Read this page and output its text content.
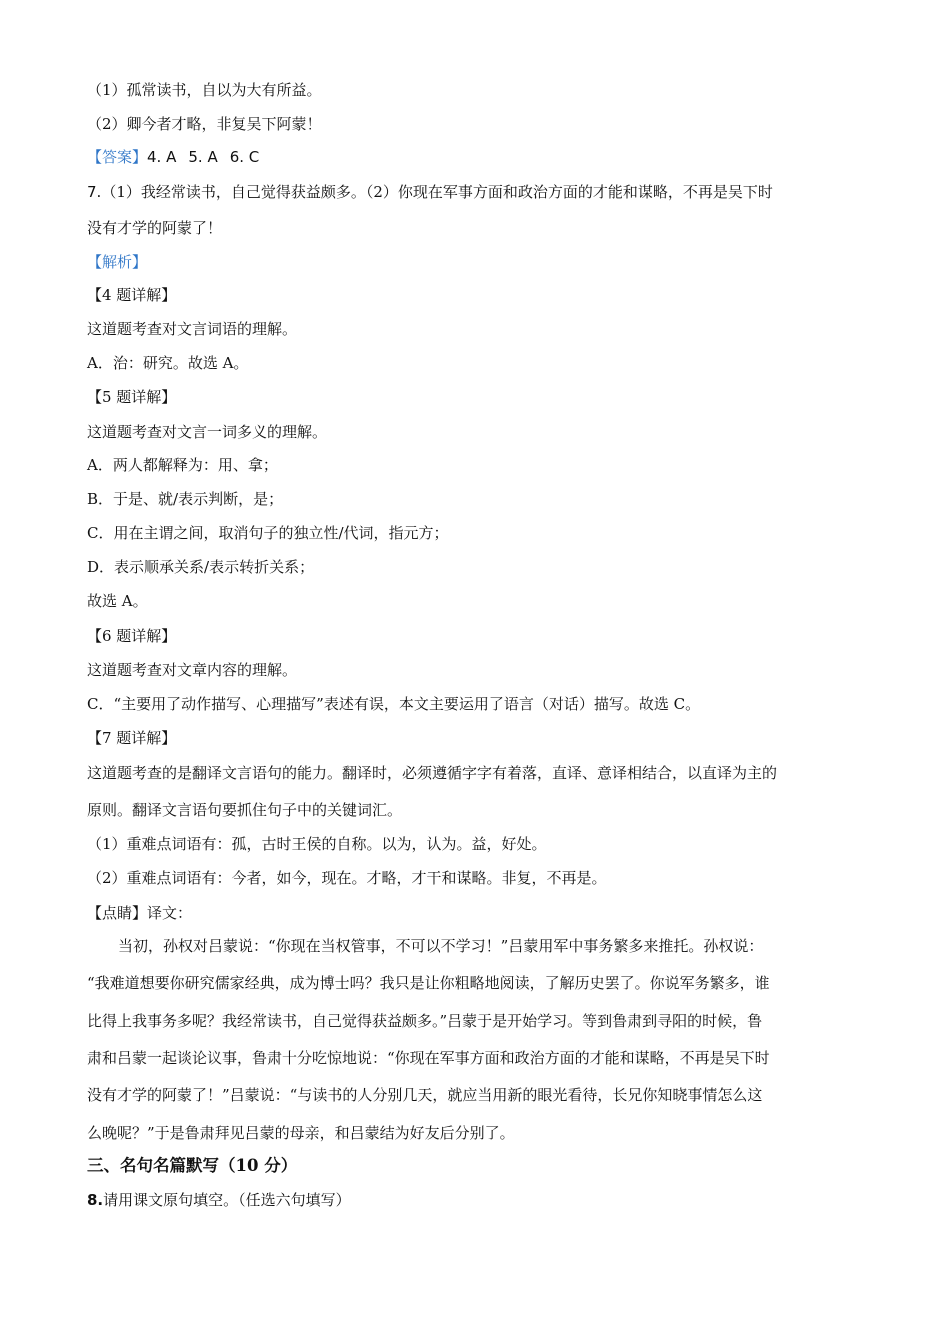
（1）孤常读书，自以为大有所益。
（2）卿今者才略，非复吴下阿蒙！
【答案】4. A 5. A 6. C
7.（1）我经常读书，自己觉得获益颇多。（2）你现在军事方面和政治方面的才能和谋略，不再是吴下时
没有才学的阿蒙了！
【解析】
【4 题详解】
这道题考查对文言词语的理解。
A．治：研究。故选 A。
【5 题详解】
这道题考查对文言一词多义的理解。
A．两人都解释为：用、拿；
B．于是、就/表示判断，是；
C．用在主谓之间，取消句子的独立性/代词，指元方；
D．表示顺承关系/表示转折关系；
故选 A。
【6 题详解】
这道题考查对文章内容的理解。
C．“主要用了动作描写、心理描写”表述有误，本文主要运用了语言（对话）描写。故选 C。
【7 题详解】
这道题考查的是翻译文言语句的能力。翻译时，必须遵循字字有着落，直译、意译相结合，以直译为主的
原则。翻译文言语句要抓住句子中的关键词汇。
（1）重难点词语有：孤，古时王侯的自称。以为，认为。益，好处。
（2）重难点词语有：今者，如今，现在。才略，才干和谋略。非复，不再是。
【点睛】译文：
当初，孙权对吕蒙说：“你现在当权管事，不可以不学习！”吕蒙用军中事务繁多来推托。孙权说：
“我难道想要你研究儒家经典，成为博士吗？我只是让你粗略地阅读，了解历史罢了。你说军务繁多，谁
比得上我事务多呢？我经常读书，自己觉得获益颇多。”吕蒙于是开始学习。等到鲁肃到寻阳的时候，鲁
肃和吕蒙一起谈论议事，鲁肃十分吃惊地说：“你现在军事方面和政治方面的才能和谋略，不再是吴下时
没有才学的阿蒙了！”吕蒙说：“与读书的人分别几天，就应当用新的眼光看待，长兄你知晓事情怎么这
么晚呢？”于是鲁肃拜见吕蒙的母亲，和吕蒙结为好友后分别了。
三、名句名篇默写（10 分）
8.请用课文原句填空。（任选六句填写）
